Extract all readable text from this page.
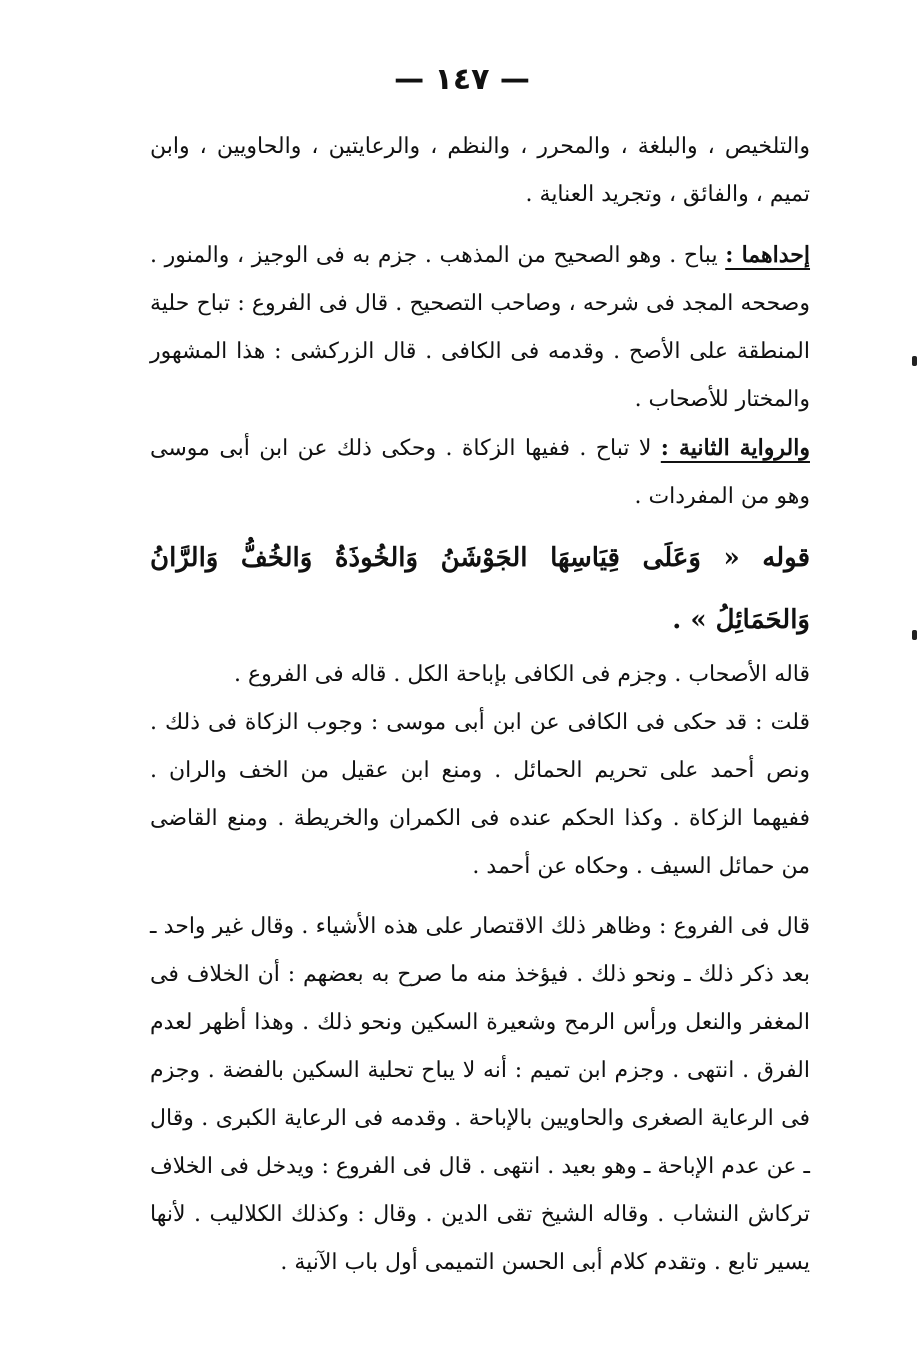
— ١٤٧ —

والتلخيص ، والبلغة ، والمحرر ، والنظم ، والرعايتين ، والحاويين ، وابن تميم ، والفائق ، وتجريد العناية .

إحداهما : يباح . وهو الصحيح من المذهب . جزم به فى الوجيز ، والمنور . وصححه المجد فى شرحه ، وصاحب التصحيح . قال فى الفروع : تباح حلية المنطقة على الأصح . وقدمه فى الكافى . قال الزركشى : هذا المشهور والمختار للأصحاب .

والرواية الثانية : لا تباح . ففيها الزكاة . وحكى ذلك عن ابن أبى موسى وهو من المفردات .

قوله « وَعَلَى قِيَاسِهَا الجَوْشَنُ وَالخُوذَةُ وَالخُفُّ وَالرَّانُ وَالحَمَائِلُ » .

قاله الأصحاب . وجزم فى الكافى بإباحة الكل . قاله فى الفروع .

قلت : قد حكى فى الكافى عن ابن أبى موسى : وجوب الزكاة فى ذلك . ونص أحمد على تحريم الحمائل . ومنع ابن عقيل من الخف والران . ففيهما الزكاة . وكذا الحكم عنده فى الكمران والخريطة . ومنع القاضى من حمائل السيف . وحكاه عن أحمد .

قال فى الفروع : وظاهر ذلك الاقتصار على هذه الأشياء . وقال غير واحد ـ بعد ذكر ذلك ـ ونحو ذلك . فيؤخذ منه ما صرح به بعضهم : أن الخلاف فى المغفر والنعل ورأس الرمح وشعيرة السكين ونحو ذلك . وهذا أظهر لعدم الفرق . انتهى . وجزم ابن تميم : أنه لا يباح تحلية السكين بالفضة . وجزم فى الرعاية الصغرى والحاويين بالإباحة . وقدمه فى الرعاية الكبرى . وقال ـ عن عدم الإباحة ـ وهو بعيد . انتهى . قال فى الفروع : ويدخل فى الخلاف تركاش النشاب . وقاله الشيخ تقى الدين . وقال : وكذلك الكلاليب . لأنها يسير تابع . وتقدم كلام أبى الحسن التميمى أول باب الآنية .
